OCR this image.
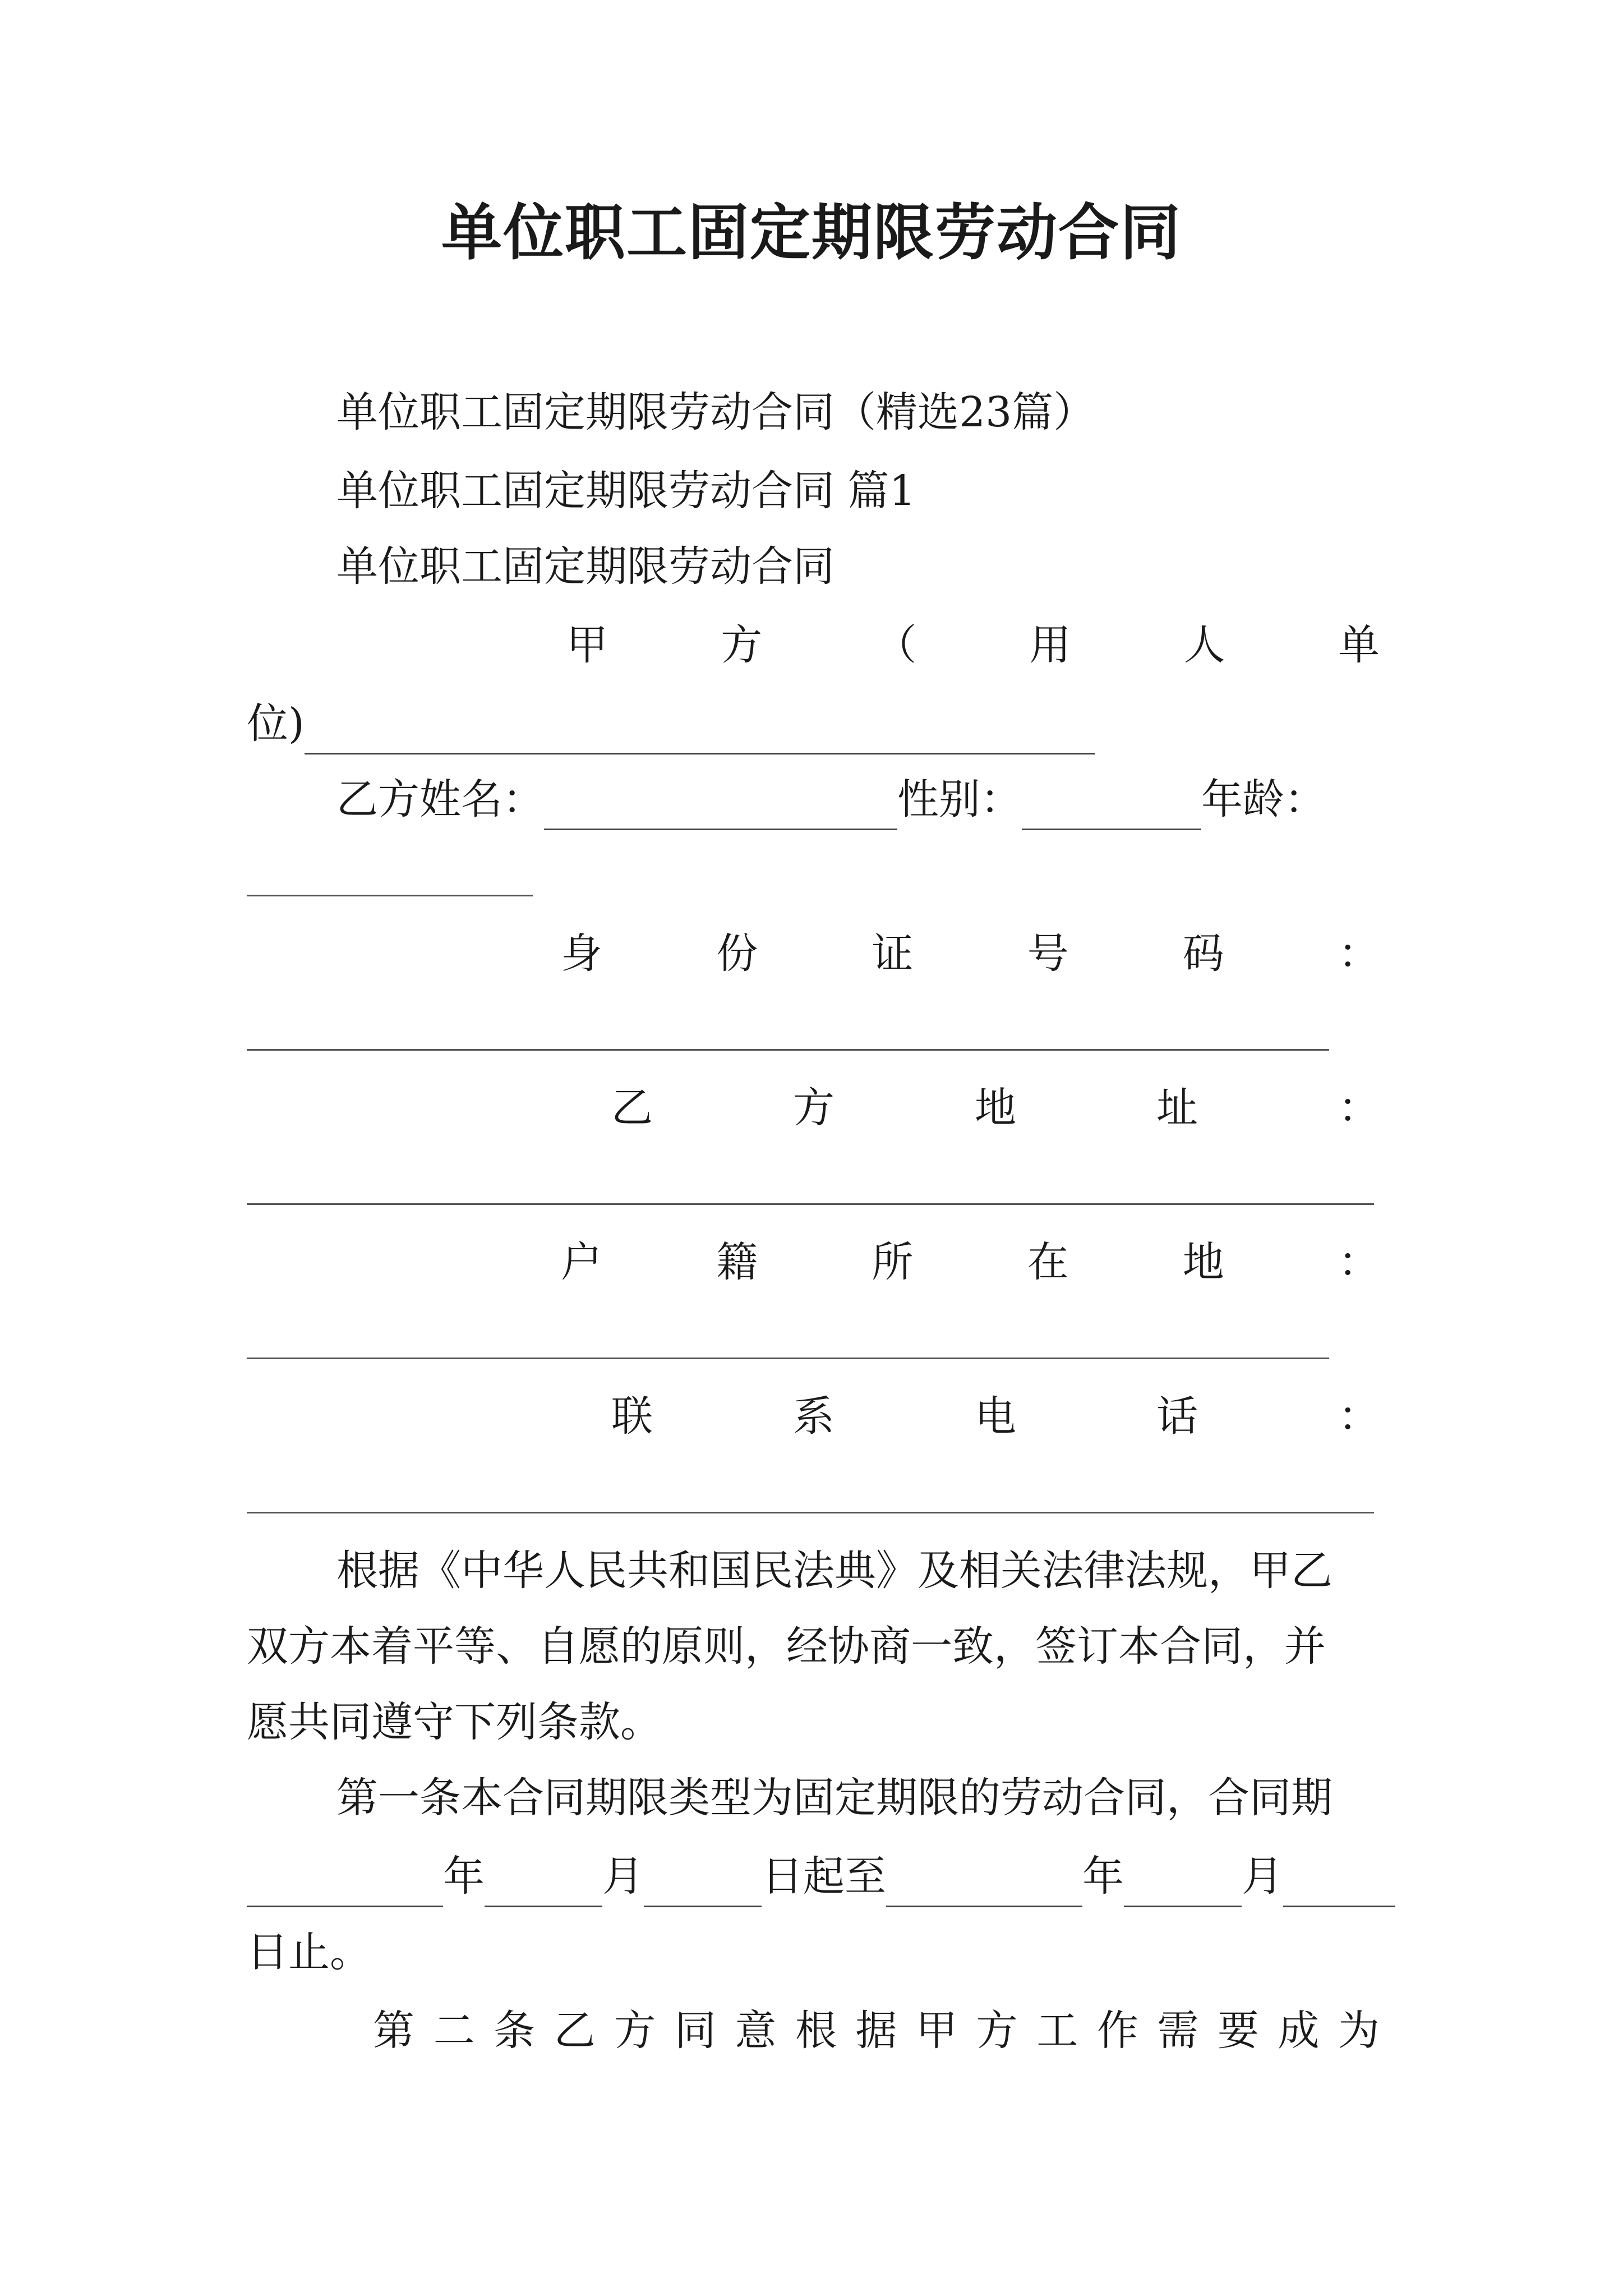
单位职工固定期限劳动合同
单位职工固定期限劳动合同（精选23篇）
单位职工固定期限劳动合同 篇1
单位职工固定期限劳动合同
甲	方	（	用	人	单
位)
乙方姓名：	性别：	年龄：
身	份	证	号	码	：
乙	方	地	址	：
户	籍	所	在	地	：
联	系	电	话	：
根据《中华人民共和国民法典》及相关法律法规，甲乙
双方本着平等、自愿的原则，经协商一致，签订本合同，并
愿共同遵守下列条款。
第一条本合同期限类型为固定期限的劳动合同，合同期
年	月	日起至	年	月
日止。
第 二 条 乙 方 同 意 根 据 甲 方 工 作 需 要 成 为
